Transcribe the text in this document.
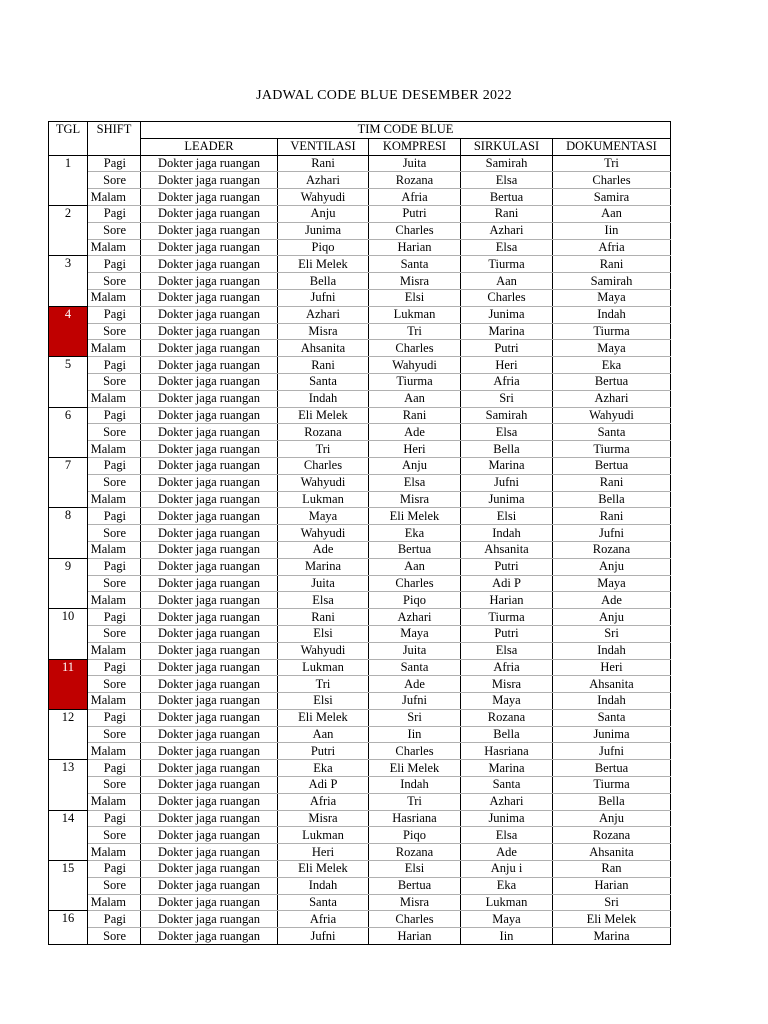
JADWAL CODE BLUE DESEMBER 2022
TGL	SHIFT	TIM CODE BLUE				
		LEADER	VENTILASI	KOMPRESI	SIRKULASI	DOKUMENTASI
1	Pagi	Dokter jaga ruangan	Rani	Juita	Samirah	Tri
	Sore	Dokter jaga ruangan	Azhari	Rozana	Elsa	Charles
	Malam	Dokter jaga ruangan	Wahyudi	Afria	Bertua	Samira
2	Pagi	Dokter jaga ruangan	Anju	Putri	Rani	Aan
	Sore	Dokter jaga ruangan	Junima	Charles	Azhari	Iin
	Malam	Dokter jaga ruangan	Piqo	Harian	Elsa	Afria
3	Pagi	Dokter jaga ruangan	Eli Melek	Santa	Tiurma	Rani
	Sore	Dokter jaga ruangan	Bella	Misra	Aan	Samirah
	Malam	Dokter jaga ruangan	Jufni	Elsi	Charles	Maya
4	Pagi	Dokter jaga ruangan	Azhari	Lukman	Junima	Indah
	Sore	Dokter jaga ruangan	Misra	Tri	Marina	Tiurma
	Malam	Dokter jaga ruangan	Ahsanita	Charles	Putri	Maya
5	Pagi	Dokter jaga ruangan	Rani	Wahyudi	Heri	Eka
	Sore	Dokter jaga ruangan	Santa	Tiurma	Afria	Bertua
	Malam	Dokter jaga ruangan	Indah	Aan	Sri	Azhari
6	Pagi	Dokter jaga ruangan	Eli Melek	Rani	Samirah	Wahyudi
	Sore	Dokter jaga ruangan	Rozana	Ade	Elsa	Santa
	Malam	Dokter jaga ruangan	Tri	Heri	Bella	Tiurma
7	Pagi	Dokter jaga ruangan	Charles	Anju	Marina	Bertua
	Sore	Dokter jaga ruangan	Wahyudi	Elsa	Jufni	Rani
	Malam	Dokter jaga ruangan	Lukman	Misra	Junima	Bella
8	Pagi	Dokter jaga ruangan	Maya	Eli Melek	Elsi	Rani
	Sore	Dokter jaga ruangan	Wahyudi	Eka	Indah	Jufni
	Malam	Dokter jaga ruangan	Ade	Bertua	Ahsanita	Rozana
9	Pagi	Dokter jaga ruangan	Marina	Aan	Putri	Anju
	Sore	Dokter jaga ruangan	Juita	Charles	Adi P	Maya
	Malam	Dokter jaga ruangan	Elsa	Piqo	Harian	Ade
10	Pagi	Dokter jaga ruangan	Rani	Azhari	Tiurma	Anju
	Sore	Dokter jaga ruangan	Elsi	Maya	Putri	Sri
	Malam	Dokter jaga ruangan	Wahyudi	Juita	Elsa	Indah
11	Pagi	Dokter jaga ruangan	Lukman	Santa	Afria	Heri
	Sore	Dokter jaga ruangan	Tri	Ade	Misra	Ahsanita
	Malam	Dokter jaga ruangan	Elsi	Jufni	Maya	Indah
12	Pagi	Dokter jaga ruangan	Eli Melek	Sri	Rozana	Santa
	Sore	Dokter jaga ruangan	Aan	Iin	Bella	Junima
	Malam	Dokter jaga ruangan	Putri	Charles	Hasriana	Jufni
13	Pagi	Dokter jaga ruangan	Eka	Eli Melek	Marina	Bertua
	Sore	Dokter jaga ruangan	Adi P	Indah	Santa	Tiurma
	Malam	Dokter jaga ruangan	Afria	Tri	Azhari	Bella
14	Pagi	Dokter jaga ruangan	Misra	Hasriana	Junima	Anju
	Sore	Dokter jaga ruangan	Lukman	Piqo	Elsa	Rozana
	Malam	Dokter jaga ruangan	Heri	Rozana	Ade	Ahsanita
15	Pagi	Dokter jaga ruangan	Eli Melek	Elsi	Anju i	Ran
	Sore	Dokter jaga ruangan	Indah	Bertua	Eka	Harian
	Malam	Dokter jaga ruangan	Santa	Misra	Lukman	Sri
16	Pagi	Dokter jaga ruangan	Afria	Charles	Maya	Eli Melek
	Sore	Dokter jaga ruangan	Jufni	Harian	Iin	Marina
